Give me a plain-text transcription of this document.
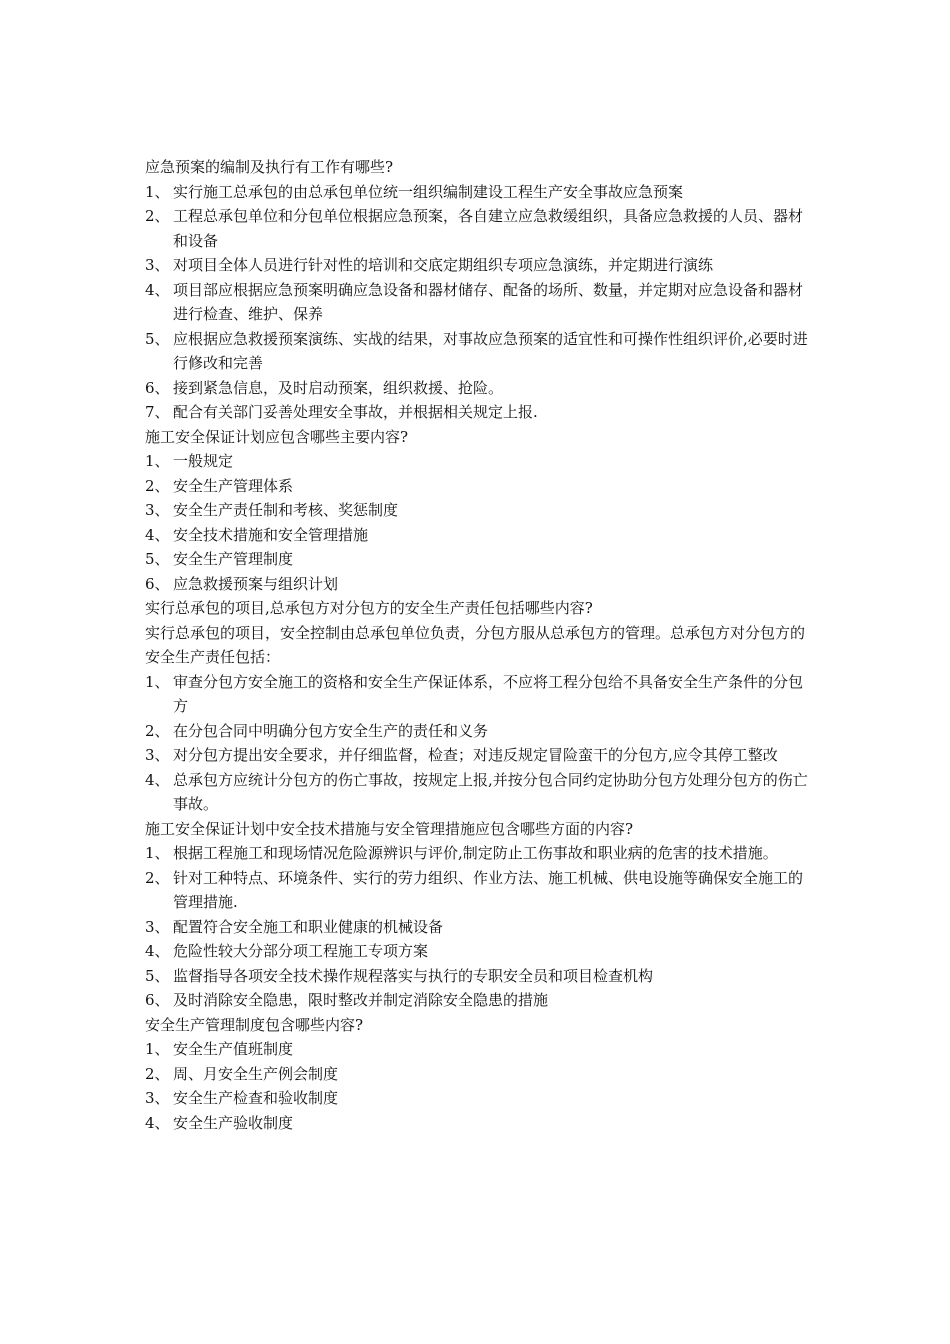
应急预案的编制及执行有工作有哪些?

1、 实行施工总承包的由总承包单位统一组织编制建设工程生产安全事故应急预案
2、 工程总承包单位和分包单位根据应急预案，各自建立应急救缓组织，具备应急救援的人员、器材和设备
3、 对项目全体人员进行针对性的培训和交底定期组织专项应急演练，并定期进行演练
4、 项目部应根据应急预案明确应急设备和器材储存、配备的场所、数量，并定期对应急设备和器材进行检查、维护、保养
5、 应根据应急救援预案演练、实战的结果，对事故应急预案的适宜性和可操作性组织评价,必要时进行修改和完善
6、 接到紧急信息，及时启动预案，组织救援、抢险。
7、 配合有关部门妥善处理安全事故，并根据相关规定上报.

施工安全保证计划应包含哪些主要内容?

1、 一般规定
2、 安全生产管理体系
3、 安全生产责任制和考核、奖惩制度
4、 安全技术措施和安全管理措施
5、 安全生产管理制度
6、 应急救援预案与组织计划

实行总承包的项目,总承包方对分包方的安全生产责任包括哪些内容?

实行总承包的项目，安全控制由总承包单位负责，分包方服从总承包方的管理。总承包方对分包方的安全生产责任包括：

1、 审查分包方安全施工的资格和安全生产保证体系，不应将工程分包给不具备安全生产条件的分包方
2、 在分包合同中明确分包方安全生产的责任和义务
3、 对分包方提出安全要求，并仔细监督，检查；对违反规定冒险蛮干的分包方,应令其停工整改
4、 总承包方应统计分包方的伤亡事故，按规定上报,并按分包合同约定协助分包方处理分包方的伤亡事故。

施工安全保证计划中安全技术措施与安全管理措施应包含哪些方面的内容?

1、 根据工程施工和现场情况危险源辨识与评价,制定防止工伤事故和职业病的危害的技术措施。
2、 针对工种特点、环境条件、实行的劳力组织、作业方法、施工机械、供电设施等确保安全施工的管理措施.
3、 配置符合安全施工和职业健康的机械设备
4、 危险性较大分部分项工程施工专项方案
5、 监督指导各项安全技术操作规程落实与执行的专职安全员和项目检查机构
6、 及时消除安全隐患，限时整改并制定消除安全隐患的措施

安全生产管理制度包含哪些内容?

1、 安全生产值班制度
2、 周、月安全生产例会制度
3、 安全生产检查和验收制度
4、 安全生产验收制度
